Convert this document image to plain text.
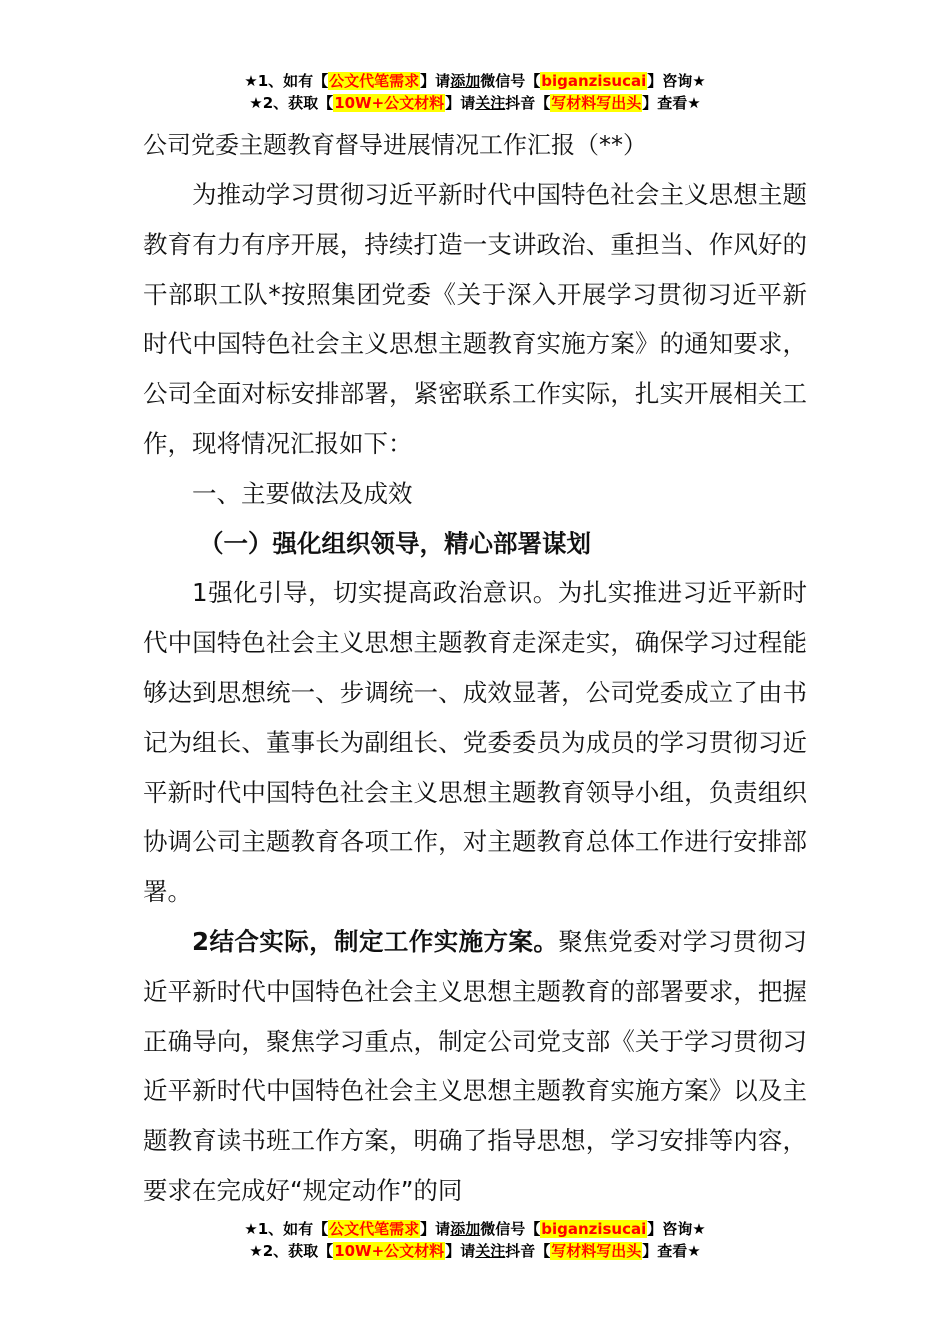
★1、如有【公文代笔需求】请添加微信号【biganzisucai】咨询★
★2、获取【10W+公文材料】请关注抖音【写材料写出头】查看★

公司党委主题教育督导进展情况工作汇报（**）

为推动学习贯彻习近平新时代中国特色社会主义思想主题教育有力有序开展，持续打造一支讲政治、重担当、作风好的干部职工队*按照集团党委《关于深入开展学习贯彻习近平新时代中国特色社会主义思想主题教育实施方案》的通知要求，公司全面对标安排部署，紧密联系工作实际，扎实开展相关工作，现将情况汇报如下：

一、主要做法及成效

（一）强化组织领导，精心部署谋划

1强化引导，切实提高政治意识。为扎实推进习近平新时代中国特色社会主义思想主题教育走深走实，确保学习过程能够达到思想统一、步调统一、成效显著，公司党委成立了由书记为组长、董事长为副组长、党委委员为成员的学习贯彻习近平新时代中国特色社会主义思想主题教育领导小组，负责组织协调公司主题教育各项工作，对主题教育总体工作进行安排部署。

2结合实际，制定工作实施方案。聚焦党委对学习贯彻习近平新时代中国特色社会主义思想主题教育的部署要求，把握正确导向，聚焦学习重点，制定公司党支部《关于学习贯彻习近平新时代中国特色社会主义思想主题教育实施方案》以及主题教育读书班工作方案，明确了指导思想，学习安排等内容，要求在完成好“规定动作”的同

★1、如有【公文代笔需求】请添加微信号【biganzisucai】咨询★
★2、获取【10W+公文材料】请关注抖音【写材料写出头】查看★
